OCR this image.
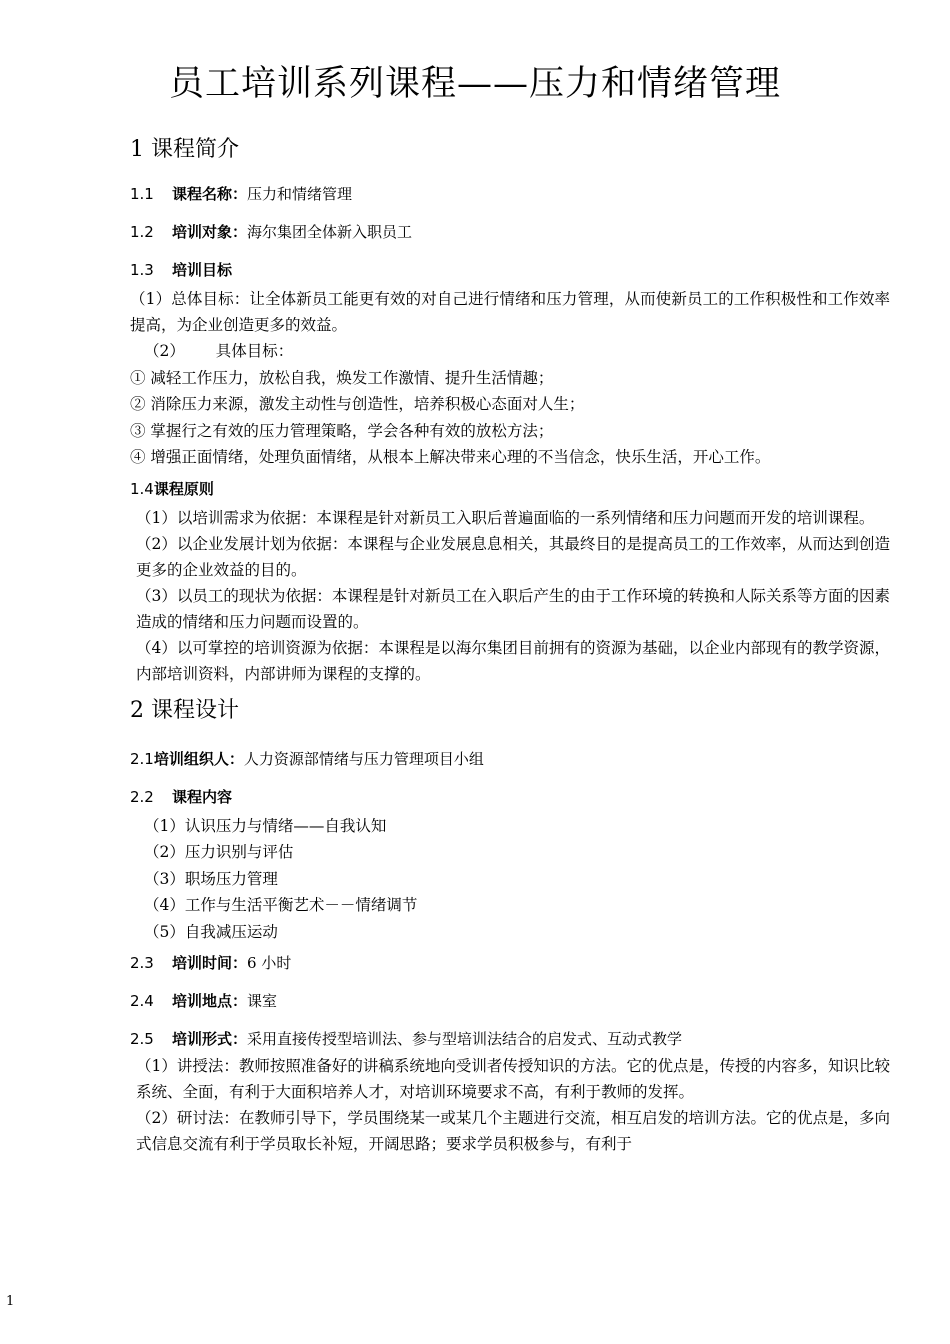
员工培训系列课程——压力和情绪管理
1 课程简介
1.1 课程名称：压力和情绪管理
1.2 培训对象：海尔集团全体新入职员工
1.3 培训目标

（1）总体目标：让全体新员工能更有效的对自己进行情绪和压力管理，从而使新员工的工作积极性和工作效率提高，为企业创造更多的效益。

（2） 具体目标：

① 减轻工作压力，放松自我，焕发工作激情、提升生活情趣；

② 消除压力来源，激发主动性与创造性，培养积极心态面对人生；

③ 掌握行之有效的压力管理策略，学会各种有效的放松方法；

④ 增强正面情绪，处理负面情绪，从根本上解决带来心理的不当信念，快乐生活，开心工作。

1.4课程原则

（1）以培训需求为依据：本课程是针对新员工入职后普遍面临的一系列情绪和压力问题而开发的培训课程。

（2）以企业发展计划为依据：本课程与企业发展息息相关，其最终目的是提高员工的工作效率，从而达到创造更多的企业效益的目的。

（3）以员工的现状为依据：本课程是针对新员工在入职后产生的由于工作环境的转换和人际关系等方面的因素造成的情绪和压力问题而设置的。

（4）以可掌控的培训资源为依据：本课程是以海尔集团目前拥有的资源为基础，以企业内部现有的教学资源，内部培训资料，内部讲师为课程的支撑的。

2 课程设计
2.1培训组织人：人力资源部情绪与压力管理项目小组
2.2 课程内容

（1）认识压力与情绪——自我认知

（2）压力识别与评估

（3）职场压力管理

（4）工作与生活平衡艺术－－情绪调节

（5）自我减压运动

2.3 培训时间：6 小时
2.4 培训地点：课室
2.5 培训形式：采用直接传授型培训法、参与型培训法结合的启发式、互动式教学

（1）讲授法：教师按照准备好的讲稿系统地向受训者传授知识的方法。它的优点是，传授的内容多，知识比较系统、全面，有利于大面积培养人才，对培训环境要求不高，有利于教师的发挥。

（2）研讨法：在教师引导下，学员围绕某一或某几个主题进行交流，相互启发的培训方法。它的优点是，多向式信息交流有利于学员取长补短，开阔思路；要求学员积极参与，有利于

1
